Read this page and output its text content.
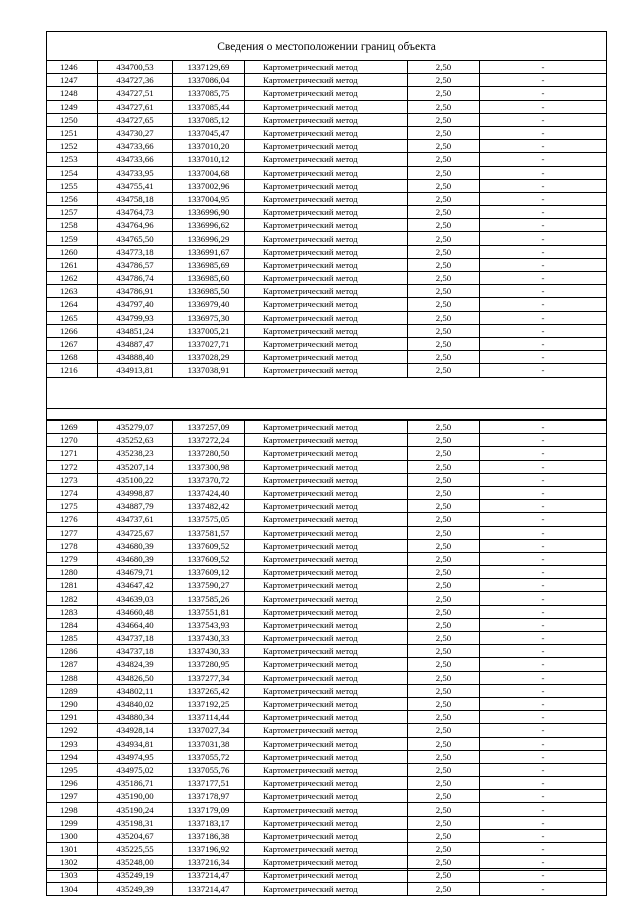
Сведения о местоположении границ объекта
1246	434700,53	1337129,69	Картометрический метод	2,50	-
1247	434727,36	1337086,04	Картометрический метод	2,50	-
1248	434727,51	1337085,75	Картометрический метод	2,50	-
1249	434727,61	1337085,44	Картометрический метод	2,50	-
1250	434727,65	1337085,12	Картометрический метод	2,50	-
1251	434730,27	1337045,47	Картометрический метод	2,50	-
1252	434733,66	1337010,20	Картометрический метод	2,50	-
1253	434733,66	1337010,12	Картометрический метод	2,50	-
1254	434733,95	1337004,68	Картометрический метод	2,50	-
1255	434755,41	1337002,96	Картометрический метод	2,50	-
1256	434758,18	1337004,95	Картометрический метод	2,50	-
1257	434764,73	1336996,90	Картометрический метод	2,50	-
1258	434764,96	1336996,62	Картометрический метод	2,50	-
1259	434765,50	1336996,29	Картометрический метод	2,50	-
1260	434773,18	1336991,67	Картометрический метод	2,50	-
1261	434786,57	1336985,69	Картометрический метод	2,50	-
1262	434786,74	1336985,60	Картометрический метод	2,50	-
1263	434786,91	1336985,50	Картометрический метод	2,50	-
1264	434797,40	1336979,40	Картометрический метод	2,50	-
1265	434799,93	1336975,30	Картометрический метод	2,50	-
1266	434851,24	1337005,21	Картометрический метод	2,50	-
1267	434887,47	1337027,71	Картометрический метод	2,50	-
1268	434888,40	1337028,29	Картометрический метод	2,50	-
1216	434913,81	1337038,91	Картометрический метод	2,50	-
1269	435279,07	1337257,09	Картометрический метод	2,50	-
1270	435252,63	1337272,24	Картометрический метод	2,50	-
1271	435238,23	1337280,50	Картометрический метод	2,50	-
1272	435207,14	1337300,98	Картометрический метод	2,50	-
1273	435100,22	1337370,72	Картометрический метод	2,50	-
1274	434998,87	1337424,40	Картометрический метод	2,50	-
1275	434887,79	1337482,42	Картометрический метод	2,50	-
1276	434737,61	1337575,05	Картометрический метод	2,50	-
1277	434725,67	1337581,57	Картометрический метод	2,50	-
1278	434680,39	1337609,52	Картометрический метод	2,50	-
1279	434680,39	1337609,52	Картометрический метод	2,50	-
1280	434679,71	1337609,12	Картометрический метод	2,50	-
1281	434647,42	1337590,27	Картометрический метод	2,50	-
1282	434639,03	1337585,26	Картометрический метод	2,50	-
1283	434660,48	1337551,81	Картометрический метод	2,50	-
1284	434664,40	1337543,93	Картометрический метод	2,50	-
1285	434737,18	1337430,33	Картометрический метод	2,50	-
1286	434737,18	1337430,33	Картометрический метод	2,50	-
1287	434824,39	1337280,95	Картометрический метод	2,50	-
1288	434826,50	1337277,34	Картометрический метод	2,50	-
1289	434802,11	1337265,42	Картометрический метод	2,50	-
1290	434840,02	1337192,25	Картометрический метод	2,50	-
1291	434880,34	1337114,44	Картометрический метод	2,50	-
1292	434928,14	1337027,34	Картометрический метод	2,50	-
1293	434934,81	1337031,38	Картометрический метод	2,50	-
1294	434974,95	1337055,72	Картометрический метод	2,50	-
1295	434975,02	1337055,76	Картометрический метод	2,50	-
1296	435186,71	1337177,51	Картометрический метод	2,50	-
1297	435190,00	1337178,97	Картометрический метод	2,50	-
1298	435190,24	1337179,09	Картометрический метод	2,50	-
1299	435198,31	1337183,17	Картометрический метод	2,50	-
1300	435204,67	1337186,38	Картометрический метод	2,50	-
1301	435225,55	1337196,92	Картометрический метод	2,50	-
1302	435248,00	1337216,34	Картометрический метод	2,50	-
1303	435249,19	1337214,47	Картометрический метод	2,50	-
1304	435249,39	1337214,47	Картометрический метод	2,50	-
